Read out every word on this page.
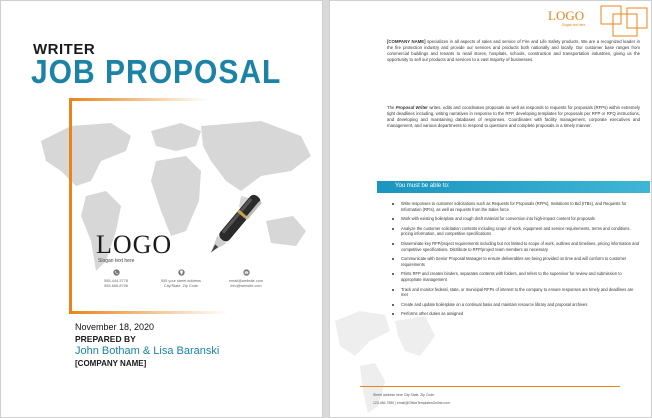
WRITER
JOB PROPOSAL
LOGO
Slogan text here
555-444-3778
555-666-8796
555 your street address
City/State, Zip Code
email@website.com
info@website.com
November 18, 2020
PREPARED BY
John Botham & Lisa Baranski
[COMPANY NAME]
LOGO
Slogan text here

[COMPANY NAME] specializes in all aspects of sales and service of Fire and Life Safety products. We are a recognized leader in the fire protection industry and provide our services and products both nationally and locally. Our customer base ranges from commercial buildings and tenants to retail stores, hospitals, schools, construction and transportation industries, giving us the opportunity to sell our products and services to a vast majority of businesses.

The Proposal Writer writes, edits and coordinates proposals as well as responds to requests for proposals (RFPs) within extremely tight deadlines including, writing narratives in response to the RFP, developing templates for proposals per RFP or RFQ instructions, and developing and maintaining databases of responses. Coordinates with facility management, corporate executives and management, and various departments to respond to questions and complete proposals in a timely manner.

You must be able to:
Write responses to customer solicitations such as Requests for Proposals (RFPs), Invitations to Bid (ITBs), and Requests for Information (RFIs), as well as requests from the Sales force
Work with existing boilerplate and rough draft material for conversion into high-impact content for proposals
Analyze the customer solicitation contents including scope of work, equipment and service requirements, terms and conditions, pricing information, and competitive specifications
Disseminate key RFP/project requirements including but not limited to scope of work, outlines and timelines, pricing information and competitive specifications. Distribute to RFP/project team members as necessary
Communicate with Senior Proposal Manager to ensure deliverables are being provided on time and will conform to customer requirements
Prints RFP and creates binders, separates contents with folders, and refers to the supervisor for review and submission to appropriate management
Track and monitor federal, state, or municipal RFPs of interest to the company to ensure responses are timely and deadlines are met
Create and update boilerplate on a continual basis and maintain resource library and proposal archives
Performs other duties as assigned
Street address here City State, Zip Code
123-456-7890 | email@OfficeTemplatesOnline.com
